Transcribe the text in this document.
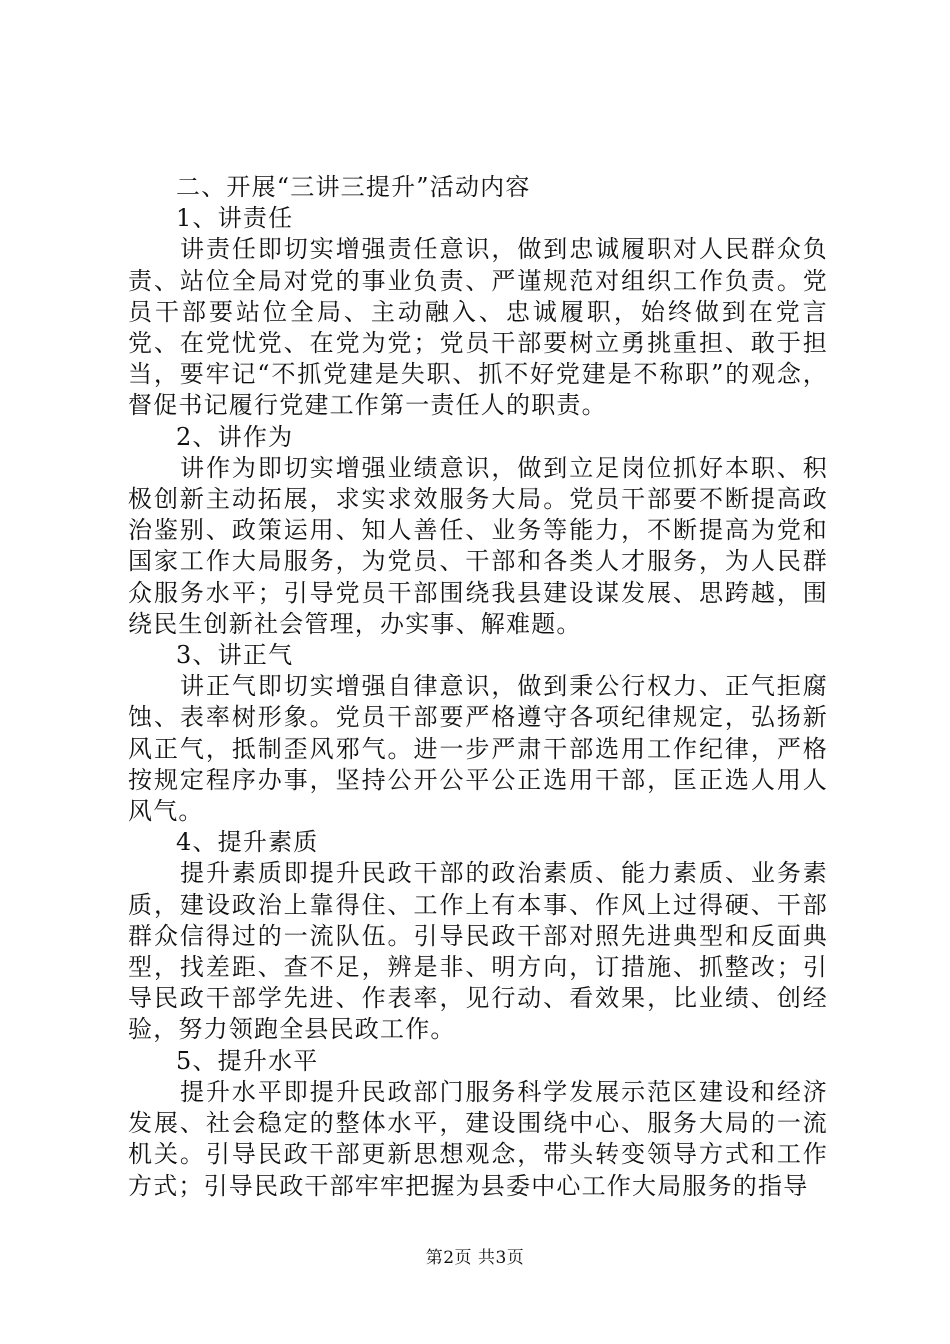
二、开展“三讲三提升”活动内容

1、讲责任

讲责任即切实增强责任意识，做到忠诚履职对人民群众负责、站位全局对党的事业负责、严谨规范对组织工作负责。党员干部要站位全局、主动融入、忠诚履职，始终做到在党言党、在党忧党、在党为党；党员干部要树立勇挑重担、敢于担当，要牢记“不抓党建是失职、抓不好党建是不称职”的观念，督促书记履行党建工作第一责任人的职责。

2、讲作为

讲作为即切实增强业绩意识，做到立足岗位抓好本职、积极创新主动拓展，求实求效服务大局。党员干部要不断提高政治鉴别、政策运用、知人善任、业务等能力，不断提高为党和国家工作大局服务，为党员、干部和各类人才服务，为人民群众服务水平；引导党员干部围绕我县建设谋发展、思跨越，围绕民生创新社会管理，办实事、解难题。

3、讲正气

讲正气即切实增强自律意识，做到秉公行权力、正气拒腐蚀、表率树形象。党员干部要严格遵守各项纪律规定，弘扬新风正气，抵制歪风邪气。进一步严肃干部选用工作纪律，严格按规定程序办事，坚持公开公平公正选用干部，匡正选人用人风气。

4、提升素质

提升素质即提升民政干部的政治素质、能力素质、业务素质，建设政治上靠得住、工作上有本事、作风上过得硬、干部群众信得过的一流队伍。引导民政干部对照先进典型和反面典型，找差距、查不足，辨是非、明方向，订措施、抓整改；引导民政干部学先进、作表率，见行动、看效果，比业绩、创经验，努力领跑全县民政工作。

5、提升水平

提升水平即提升民政部门服务科学发展示范区建设和经济发展、社会稳定的整体水平，建设围绕中心、服务大局的一流机关。引导民政干部更新思想观念，带头转变领导方式和工作方式；引导民政干部牢牢把握为县委中心工作大局服务的指导

第2页 共3页
